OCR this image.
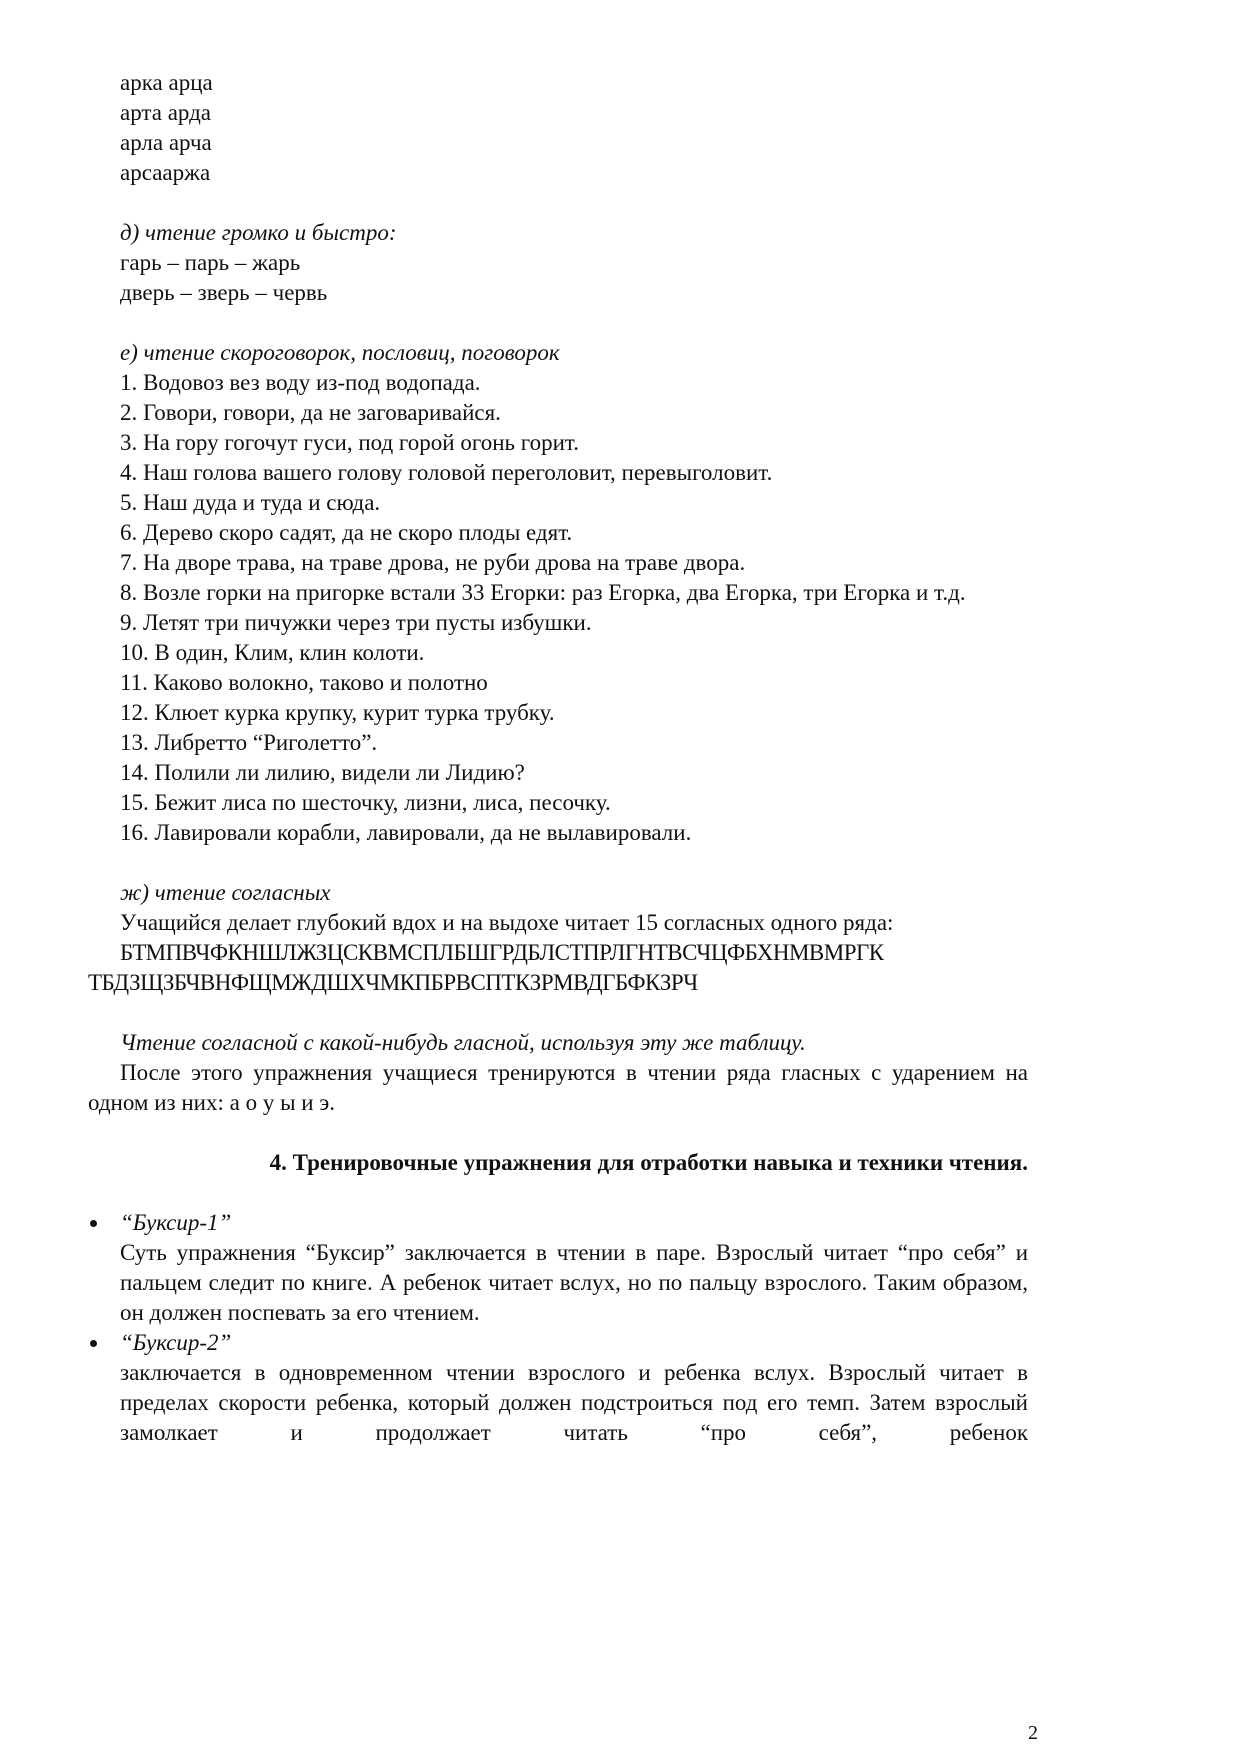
арка арца
арта арда
арла арча
арсааржа
д) чтение громко и быстро:
гарь – парь – жарь
дверь – зверь – червь
е) чтение скороговорок, пословиц, поговорок
1. Водовоз вез воду из-под водопада.
2. Говори, говори, да не заговаривайся.
3. На гору гогочут гуси, под горой огонь горит.
4. Наш голова вашего голову головой переголовит, перевыголовит.
5. Наш дуда и туда и сюда.
6. Дерево скоро садят, да не скоро плоды едят.
7. На дворе трава, на траве дрова, не руби дрова на траве двора.
8. Возле горки на пригорке встали 33 Егорки: раз Егорка, два Егорка, три Егорка и т.д.
9. Летят три пичужки через три пусты избушки.
10. В один, Клим, клин колоти.
11. Каково волокно, таково и полотно
12. Клюет курка крупку, курит турка трубку.
13. Либретто “Риголетто”.
14. Полили ли лилию, видели ли Лидию?
15. Бежит лиса по шесточку, лизни, лиса, песочку.
16. Лавировали корабли, лавировали, да не вылавировали.
ж) чтение согласных
Учащийся делает глубокий вдох и на выдохе читает 15 согласных одного ряда:
БТМПВЧФКНШЛЖЗЦСКВМСПЛБШГРДБЛСТПРЛГНТВСЧЦФБХНМВМРГК
ТБДЗЩЗБЧВНФЩМЖДШХЧМКПБРВСПТКЗРМВДГБФКЗРЧ
Чтение согласной с какой-нибудь гласной, используя эту же таблицу.
После этого упражнения учащиеся тренируются в чтении ряда гласных с ударением на одном из них: а о у ы и э.
4. Тренировочные упражнения для отработки навыка и техники чтения.
“Буксир-1”
Суть упражнения “Буксир” заключается в чтении в паре. Взрослый читает “про себя” и пальцем следит по книге. А ребенок читает вслух, но по пальцу взрослого. Таким образом, он должен поспевать за его чтением.
“Буксир-2”
заключается в одновременном чтении взрослого и ребенка вслух. Взрослый читает в пределах скорости ребенка, который должен подстроиться под его темп. Затем взрослый замолкает и продолжает читать “про себя”, ребенок
2
